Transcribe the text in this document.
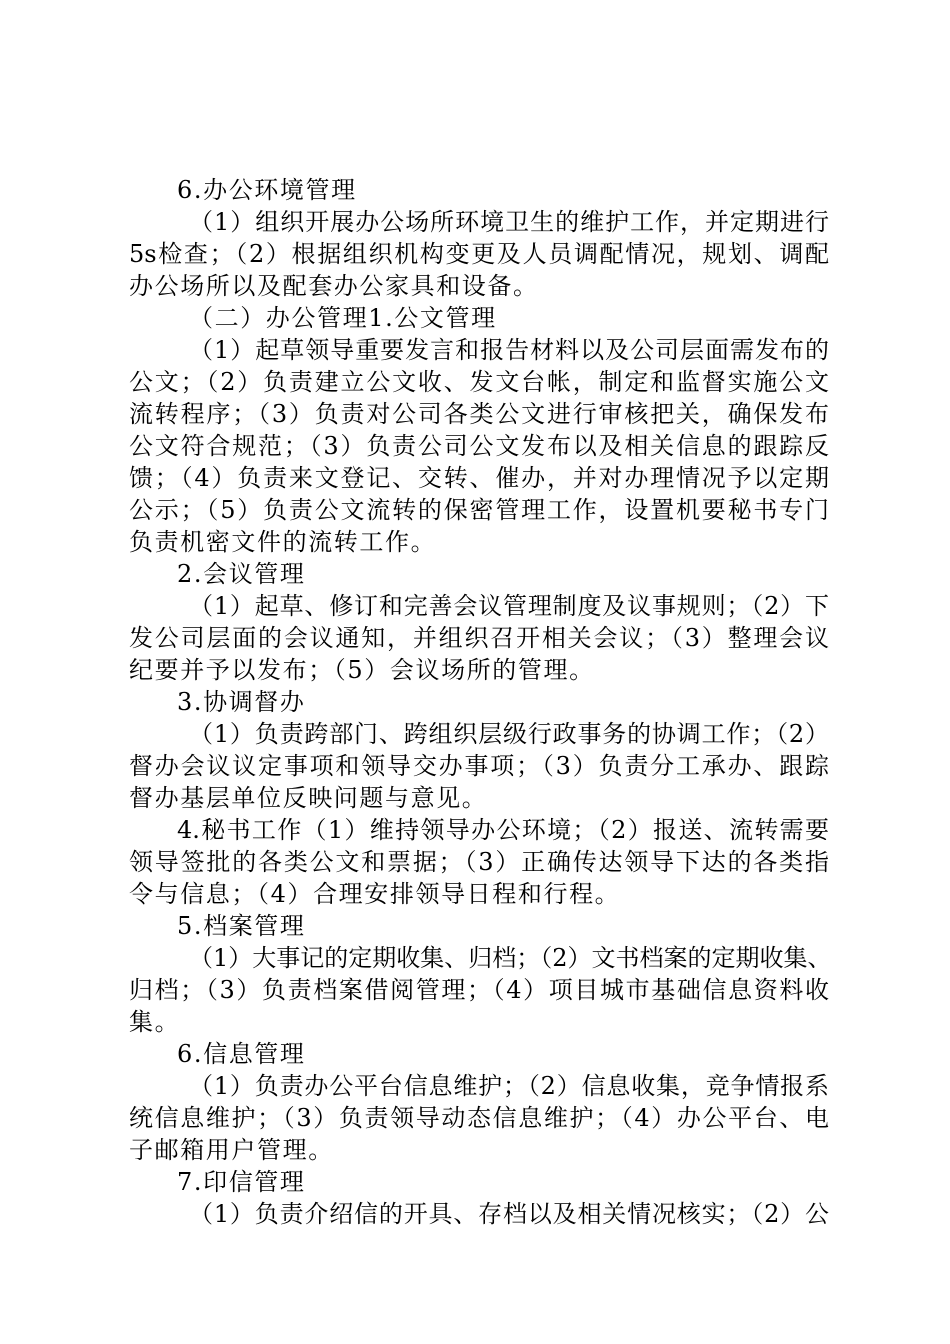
6.办公环境管理
（1）组织开展办公场所环境卫生的维护工作，并定期进行
5s检查；（2）根据组织机构变更及人员调配情况，规划、调配
办公场所以及配套办公家具和设备。
（二）办公管理1.公文管理
（1）起草领导重要发言和报告材料以及公司层面需发布的
公文；（2）负责建立公文收、发文台帐，制定和监督实施公文
流转程序；（3）负责对公司各类公文进行审核把关，确保发布
公文符合规范；（3）负责公司公文发布以及相关信息的跟踪反
馈；（4）负责来文登记、交转、催办，并对办理情况予以定期
公示；（5）负责公文流转的保密管理工作，设置机要秘书专门
负责机密文件的流转工作。
2.会议管理
（1）起草、修订和完善会议管理制度及议事规则；（2）下
发公司层面的会议通知，并组织召开相关会议；（3）整理会议
纪要并予以发布；（5）会议场所的管理。
3.协调督办
（1）负责跨部门、跨组织层级行政事务的协调工作；（2）
督办会议议定事项和领导交办事项；（3）负责分工承办、跟踪
督办基层单位反映问题与意见。
4.秘书工作（1）维持领导办公环境；（2）报送、流转需要
领导签批的各类公文和票据；（3）正确传达领导下达的各类指
令与信息；（4）合理安排领导日程和行程。
5.档案管理
（1）大事记的定期收集、归档；（2）文书档案的定期收集、
归档；（3）负责档案借阅管理；（4）项目城市基础信息资料收
集。
6.信息管理
（1）负责办公平台信息维护；（2）信息收集，竞争情报系
统信息维护；（3）负责领导动态信息维护；（4）办公平台、电
子邮箱用户管理。
7.印信管理
（1）负责介绍信的开具、存档以及相关情况核实；（2）公
